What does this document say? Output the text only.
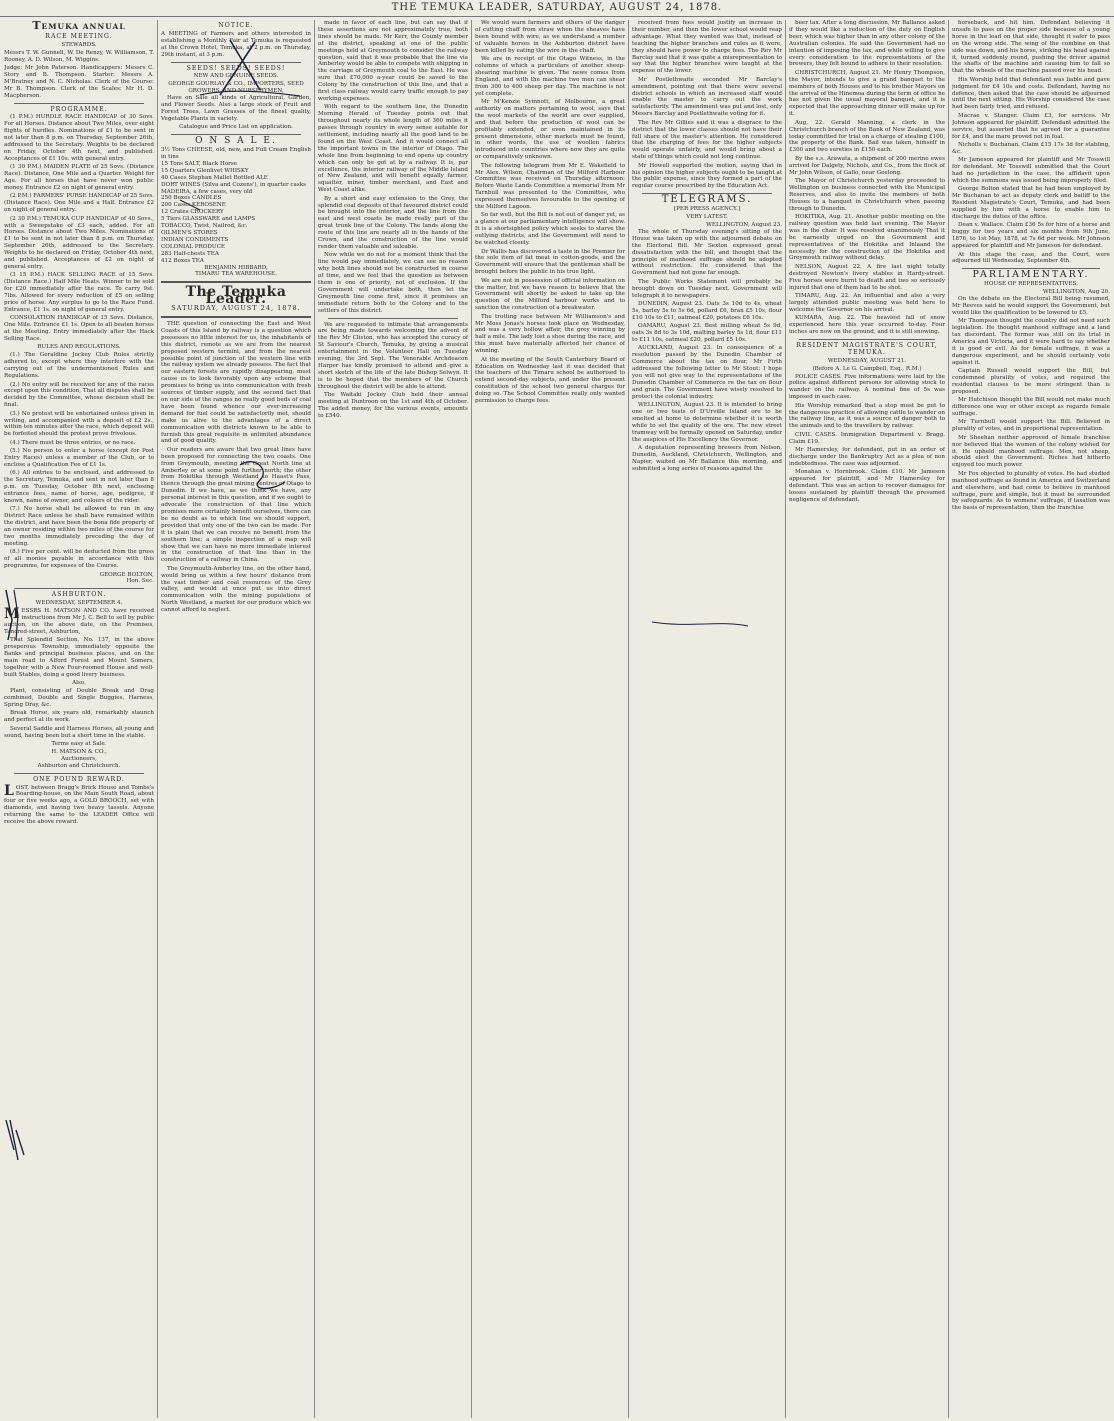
THE TEMUKA LEADER, SATURDAY, AUGUST 24, 1878.
TEMUKA ANNUAL
RACE MEETING.
STEWARDS.

Messrs T. W. Gunnell, W. De Renzy, W. Williamson, T. Rooney, A. D. Wilson, M. Wiggins.

Judge: Mr John Paterson. Handicappers: Messrs C. Story and B. Thompson. Starter: Messrs A. M'Bratney and N. C. Nicholas. Clerk of the Course: Mr B. Thompson. Clerk of the Scales: Mr H. D. Macpherson.

PROGRAMME.

(1 P.M.) HURDLE RACE HANDICAP of 30 Sovs. For all Horses. Distance about Two Miles, over eight flights of hurdles. Nominations of £1 to be sent in not later than 8 p.m. on Thursday, September 26th, addressed to the Secretary. Weights to be declared on Friday, October 4th next, and published. Acceptances of £1 10s. with general entry.

(1 30 P.M.) MAIDEN PLATE of 25 Sovs. (Distance Race). Distance, One Mile and a Quarter. Weight for Age. For all horses that have never won public money. Entrance £2 on night of general entry.

(2 P.M.) FARMERS' PURSE HANDICAP of 25 Sovs. (Distance Race). One Mile and a Half. Entrance £2 on night of general entry.

(2 30 P.M.) TEMUKA CUP HANDICAP of 40 Sovs., with a Sweepstake of £3 each, added. For all Horses. Distance about Two Miles. Nominations of £1 to be sent in not later than 8 p.m. on Thursday, September 26th, addressed to the Secretary. Weights to be declared on Friday, October 4th next, and published. Acceptances of £2 on night of general entry.

(3 15 P.M.) HACK SELLING RACE of 15 Sovs. (Distance Race.) Half Mile Heats. Winner to be sold for £20 immediately after the race. To carry 9st. 7lbs. Allowed for every reduction of £5 on selling price of horse. Any surplus to go to the Race Fund. Entrance, £1 1s. on night of general entry.

CONSOLATION HANDICAP of 15 Sovs. Distance, One Mile. Entrance £1 1s. Open to all beaten horses at the Meeting. Entry immediately after the Hack Selling Race.

RULES AND REGULATIONS.

(1.) The Geraldine Jockey Club Rules strictly adhered to, except where they interfere with the carrying out of the undermentioned Rules and Regulations.

(2.) No entry will be received for any of the races except upon this condition, That all disputes shall be decided by the Committee, whose decision shall be final.

(3.) No protest will be entertained unless given in writing, and accompanied with a deposit of £2 2s., within ten minutes after the race, which deposit will be forfeited should the protest prove frivolous.

(4.) There must be three entries, or no race.

(5.) No person to enter a horse (except for Post Entry Races) unless a member of the Club, or to enclose a Qualification Fee of £1 1s.

(6.) All entries to be enclosed, and addressed to the Secretary, Temuka, and sent in not later than 8 p.m. on Tuesday, October 8th next, enclosing entrance fees, name of horse, age, pedigree, if known, name of owner, and colours of the rider.

(7.) No horse shall be allowed to run in any District Race unless he shall have remained within the district, and have been the bona fide property of an owner residing within two miles of the course for two months immediately preceding the day of meeting.

(8.) Five per cent. will be deducted from the gross of all monies payable in accordance with this programme, for expenses of the Course.

GEORGE BOLTON,
Hon. Sec.
ASHBURTON.
WEDNESDAY, SEPTEMBER 4.

MESSRS H. MATSON AND CO. have received instructions from Mr J. C. Bell to sell by public auction, on the above date, on the Premises, Tancred-street, Ashburton,

That Splendid Section, No. 137, in the above prosperous Township, immediately opposite the Banks and principal business places, and on the main road to Alford Forest and Mount Somers, together with a New Four-roomed House and well-built Stables, doing a good livery business.

Also,

Plant, consisting of Double Break and Drag combined, Double and Single Buggies, Harness, Spring Dray, &c.

Break Horse, six years old, remarkably staunch and perfect at its work.

Several Saddle and Harness Horses, all young and sound, having been but a short time in the stable.

Terms easy at Sale.
H. MATSON & CO.,
Auctioneers,
Ashburton and Christchurch.
ONE POUND REWARD.

LOST, between Bragg's Brick House and Tombs's Boarding-house, on the Main South Road, about four or five weeks ago, a GOLD BROOCH, set with diamonds, and having two heavy tassels. Anyone returning the same to the LEADER Office will receive the above reward.

NOTICE.

A MEETING of Farmers and others interested in establishing a Monthly Fair at Temuka is requested at the Crown Hotel, Temuka, at 2 p.m. on Thursday, 29th instant, at 3 p.m.

SEEDS! SEEDS! SEEDS!
NEW AND GENUINE SEEDS.
GEORGE GOURLAY & CO., IMPORTERS, SEED GROWERS, AND NURSERYMEN,

Have on Sale all kinds of Agricultural, Garden, and Flower Seeds. Also a large stock of Fruit and Forest Trees, Lawn Grasses of the finest quality, Vegetable Plants in variety.

Catalogue and Price List on application.
O N S A L E.
3½ Tons CHEESE, old, new, and Full Cream English in tins
15 Tons SALT, Black Horse
15 Quarters Glenlivet WHISKY
40 Cases Stephan Mallet Bottled ALE
DORT WINES (Silva and Cozens'), in quarter casks
MADEIRA, a few cases, very old
250 Boxes CANDLES
200 Cases KEROSENE
12 Crates CROCKERY
5 Tiers GLASSWARE and LAMPS
TOBACCO, Twist, Nailrod, &c.
OILMEN'S STORES
INDIAN CONDIMENTS
COLONIAL PRODUCE
283 Half-chests TEA
412 Boxes TEA
BENJAMIN HIBBARD,
TIMARU TEA WAREHOUSE.
The Temuka Leader.
SATURDAY, AUGUST 24, 1878.

THE question of connecting the East and West Coasts of this Island by railway is a question which possesses no little interest for us, the inhabitants of this district, remote as we are from the nearest proposed western termini, and from the nearest possible point of junction of the western line with the railway system we already possess. The fact that our eastern forests are rapidly disappearing, must cause us to look favorably upon any scheme that promises to bring us into communication with fresh sources of timber supply, and the second fact that on our side of the ranges no really good beds of coal have been found whence our ever-increasing demand for fuel could be satisfactorily met, should make us alive to the advantages of a direct communication with districts known to be able to furnish this great requisite in unlimited abundance and of good quality.

Our readers are aware that two great lines have been proposed for connecting the two coasts. One from Greymouth, meeting the Great North line at Amberley or at some point further north; the other from Hokitika through Westland to Haast's Pass, thence through the great mining centres of Otago to Dunedin. If we have, as we think we have, any personal interest in this question, and if we ought to advocate the construction of that line which promises more certainly benefit ourselves, there can be no doubt as to which line we should support, provided that only one of the two can be made. For it is plain that we can receive no benefit from the southern line; a simple inspection of a map will show that we can have no more immediate interest in the construction of that line than in the construction of a railway in China.

The Greymouth-Amberley line, on the other hand, would bring us within a few hours' distance from the vast timber and coal resources of the Grey valley, and would at once put us into direct communication with the mining populations of North Westland, a market for our produce which we cannot afford to neglect.

made in favor of each line, but can say that if these assertions are not approximately true, both lines should be made. Mr Kerr, the County member of the district, speaking at one of the public meetings held at Greymouth to consider the railway question, said that it was probable that the line via Amberley would be able to compete with shipping in the carriage of Greymouth coal to the East. He was sure that £70,000 a-year could be saved to the Colony by the construction of this line, and that a first class railway would carry traffic enough to pay working expenses.

With regard to the southern line, the Dunedin Morning Herald of Tuesday points out that throughout nearly its whole length of 360 miles it passes through country in every sense suitable for settlement, including nearly all the good land to be found on the West Coast. And it would connect all the important towns in the interior of Otago. The whole line from beginning to end opens up country which can only be got at by a railway. It is, par excellence, the interior railway of the Middle Island of New Zealand, and will benefit equally farmer, squatter, miner, timber merchant, and East and West Coast alike.

By a short and easy extension to the Grey, the splendid coal deposits of that favoured district could be brought into the interior, and the line from the east and west coasts be made really part of the great trunk line of the Colony. The lands along the route of this line are nearly all in the hands of the Crown, and the construction of the line would render them valuable and saleable.

Now while we do not for a moment think that the line would pay immediately, we can see no reason why both lines should not be constructed in course of time, and we feel that the question as between them is one of priority, not of exclusion. If the Government will undertake both, then let the Greymouth line come first, since it promises an immediate return both to the Colony and to the settlers of this district.

We are requested to intimate that arrangements are being made towards welcoming the advent of the Rev Mr Cliston, who has accepted the curacy of St Saviour's Church, Temuka, by giving a musical entertainment in the Volunteer Hall on Tuesday evening, the 3rd Sept. The Venerable Archdeacon Harper has kindly promised to attend and give a short sketch of the life of the late Bishop Selwyn. It is to be hoped that the members of the Church throughout the district will be able to attend.

The Waitaki Jockey Club held their annual meeting at Duntroon on the 1st and 4th of October. The added money, for the various events, amounts to £540.

We would warn farmers and others of the danger of cutting chaff from straw when the sheaves have been bound with wire, as we understand a number of valuable horses in the Ashburton district have been killed by eating the wire in the chaff.

We are in receipt of the Otago Witness, in the columns of which a particulars of another sheep-shearing machine is given. The news comes from England, and with the machine two men can shear from 300 to 400 sheep per day. The machine is not yet complete.

Mr M'Kenzie Symnott, of Melbourne, a great authority on matters pertaining to wool, says that the wool markets of the world are over supplied, and that before the production of wool can be profitably extended, or even maintained in its present dimensions, other markets must be found, in other words, the use of woollen fabrics introduced into countries where now they are quite or comparatively unknown.

The following telegram from Mr E. Wakefield to Mr Alex. Wilson, Chairman of the Milford Harbour Committee was received on Thursday afternoon: Before Waste Lands Committee a memorial from Mr Tarnbull was presented to the Committee, who expressed themselves favourable to the opening of the Milford Lagoon.

So far well, but the Bill is not out of danger yet, as a glance at our parliamentary intelligence will show. It is a shortsighted policy which seeks to starve the outlying districts, and the Government will need to be watched closely.

Dr Wallis has discovered a taste in the Premier for the sole item of fat meat in cotton-goods, and the Government will ensure that the gentleman shall be brought before the public in his true light.

We are not in possession of official information on the matter, but we have reason to believe that the Government will shortly be asked to take up the question of the Milford harbour works and to sanction the construction of a breakwater.

The trotting race between Mr Williamson's and Mr Moss Jonas's horses took place on Wednesday, and was a very hollow affair, the grey winning by half a mile. The lady lost a shoe during the race, and this must have materially affected her chance of winning.

At the meeting of the South Canterbury Board of Education on Wednesday last it was decided that the teachers of the Timaru school be authorised to extend second-day subjects, and under the present constitution of the school two general charges for doing so. The School Committee really only wanted permission to charge fees.

received from fees would justify an increase in their number, and then the lower school would reap advantage. What they wanted was that, instead of teaching the higher branches and rules as it were, they should have power to charge fees. The Rev Mr Barclay said that it was quite a misrepresentation to say that the higher branches were taught at the expense of the lower.

Mr Postlethwaite seconded Mr Barclay's amendment, pointing out that there were several district schools in which an increased staff would enable the master to carry out the work satisfactorily. The amendment was put and lost, only Messrs Barclay and Postlethwaite voting for it.

The Rev Mr Gillies said it was a disgrace to the district that the lower classes should not have their full share of the master's attention. He considered that the charging of fees for the higher subjects would operate unfairly, and would bring about a state of things which could not long continue.

Mr Howell supported the motion, saying that in his opinion the higher subjects ought to be taught at the public expense, since they formed a part of the regular course prescribed by the Education Act.

TELEGRAMS.
[PER PRESS AGENCY.]
VERY LATEST.
WELLINGTON, August 23.

The whole of Thursday evening's sitting of the House was taken up with the adjourned debate on the Electoral Bill. Mr Sexton expressed great dissatisfaction with the bill, and thought that the principle of manhood suffrage should be adopted without restriction. He considered that the Government had not gone far enough.

The Public Works Statement will probably be brought down on Tuesday next. Government will telegraph it to newspapers.

DUNEDIN, August 23. Oats 3s 10d to 4s, wheat 5s, barley 5s to 5s 6d, pollard £6, bran £5 10s, flour £10 10s to £11, oatmeal £20, potatoes £6 10s.

OAMARU, August 23. Best milling wheat 5s 9d, oats 3s 8d to 3s 10d, malting barley 5s 1d, flour £11 to £11 10s, oatmeal £20, pollard £5 10s.

AUCKLAND, August 23. In consequence of a resolution passed by the Dunedin Chamber of Commerce about the tax on flour, Mr Firth addressed the following letter to Mr Stout: I hope you will not give way to the representations of the Dunedin Chamber of Commerce re the tax on flour and grain. The Government have wisely resolved to protect the colonial industry.

WELLINGTON, August 23. It is intended to bring one or two tests of D'Urville Island ore to be smelted at home to determine whether it is worth while to set the quality of the ore. The new street tramway will be formally opened on Saturday, under the auspices of His Excellency the Governor.

A deputation representing brewers from Nelson, Dunedin, Auckland, Christchurch, Wellington, and Napier, waited on Mr Ballance this morning, and submitted a long series of reasons against the

beer tax. After a long discussion, Mr Ballance asked if they would like a reduction of the duty on English beer, which was higher than in any other colony of the Australian colonies. He said the Government had no intention of imposing the tax, and while willing to give every consideration to the representations of the brewers, they felt bound to adhere to their resolution.

CHRISTCHURCH, August 21. Mr Henry Thompson, the Mayor, intends to give a grand banquet to the members of both Houses and to his brother Mayors on the arrival of the Hinemoa during the term of office he has not given the usual mayoral banquet, and it is expected that the approaching dinner will make up for it.

Aug. 22. Gerald Manning, a clerk in the Christchurch branch of the Bank of New Zealand, was today committed for trial on a charge of stealing £100, the property of the Bank. Bail was taken, himself in £300 and two sureties in £150 each.

By the s.s. Arawata, a shipment of 200 merino ewes arrived for Dalgety, Nichols, and Co., from the flock of Mr John Wilson, of Gallo, near Geelong.

The Mayor of Christchurch yesterday proceeded to Wellington on business connected with the Municipal Reserves, and also to invite the members of both Houses to a banquet in Christchurch when passing through to Dunedin.

HOKITIKA, Aug. 21. Another public meeting on the railway question was held last evening. The Mayor was in the chair. It was resolved unanimously That it be earnestly urged on the Government and representatives of the Hokitika and Inlaand the necessity for the construction of the Hokitika and Greymouth railway without delay.

NELSON, August 22. A fire last night totally destroyed Newton's livery stables in Hardy-street. Five horses were burnt to death and two so seriously injured that one of them had to be shot.

TIMARU, Aug. 22. An influential and also a very largely attended public meeting was held here to welcome the Governor on his arrival.

KUMARA, Aug. 22. The heaviest fall of snow experienced here this year occurred to-day. Four inches are now on the ground, and it is still snowing.

RESIDENT MAGISTRATE'S COURT, TEMUKA.
WEDNESDAY, AUGUST 21.
(Before A. Le G. Campbell, Esq., R.M.)

POLICE CASES. Five informations were laid by the police against different persons for allowing stock to wander on the railway. A nominal fine of 5s was imposed in each case.

His Worship remarked that a stop must be put to the dangerous practice of allowing cattle to wander on the railway line, as it was a source of danger both to the animals and to the travellers by railway.

CIVIL CASES. Immigration Department v. Bragg. Claim £19.

Mr Hamersley, for defendant, put in an order of discharge under the Bankruptcy Act as a plea of non indebtedness. The case was adjourned.

Monahan v. Hornbrook. Claim £10. Mr Jameson appeared for plaintiff, and Mr Hamersley for defendant. This was an action to recover damages for losses sustained by plaintiff through the presumed negligence of defendant.

horseback, and hit him. Defendant believing it unsafe to pass on the proper side because of a young horse in the lead on that side, thought it safer to pass on the wrong side. The wing of the combine on that side was down, and his horse, striking his head against it, turned suddenly round, pushing the driver against the shafts of the machine and causing him to fall so that the wheels of the machine passed over his head.

His Worship held that defendant was liable and gave judgment for £4 10s and costs. Defendant, having no defence, then asked that the case should be adjourned until the next sitting. His Worship considered the case had been fairly tried, and refused.

Macrae v. Stanger. Claim £3, for services. Mr Johnson appeared for plaintiff. Defendant admitted the service, but asserted that he agreed for a guarantee for £4, and the mare proved not in foal.

Nicholls v. Buchanan. Claim £15 17s 3d for stabling, &c.

Mr Jameson appeared for plaintiff and Mr Tosswill for defendant. Mr Tosswill submitted that the Court had no jurisdiction in the case, the affidavit upon which the summons was issued being improperly filed.

George Bolton stated that he had been employed by Mr Buchanan to act as deputy clerk and bailiff to the Resident Magistrate's Court, Temuka, and had been supplied by him with a horse to enable him to discharge the duties of the office.

Dean v. Wallace. Claim £36 5s for hire of a horse and buggy for two years and six months from 9th June, 1876, to 1st May, 1878, at 7s 6d per week. Mr Johnson appeared for plaintiff and Mr Jameson for defendant.

At this stage the case, and the Court, were adjourned till Wednesday, September 4th.

PARLIAMENTARY.
HOUSE OF REPRESENTATIVES.
WELLINGTON, Aug 20.

On the debate on the Electoral Bill being resumed, Mr Reeves said he would support the Government, but would like the qualification to be lowered to £5.

Mr Thompson thought the country did not need such legislation. He thought manhood suffrage and a land tax discordant. The former was still on its trial in America and Victoria, and it were hard to say whether it is good or evil. As for female suffrage, it was a dangerous experiment, and he should certainly vote against it.

Captain Russell would support the Bill, but condemned plurality of votes, and required the residential clauses to be more stringent than is proposed.

Mr Hutchison thought the Bill would not make much difference one way or other except as regards female suffrage.

Mr Turnbull would support the Bill. Believed in plurality of votes, and in proportional representation.

Mr Sheehan neither approved of female franchise nor believed that the women of the colony wished for it. He upheld manhood suffrage. Men, not sheep, should elect the Government. Riches had hitherto enjoyed too much power.

Mr Fox objected to plurality of votes. He had studied manhood suffrage as found in America and Switzerland and elsewhere, and had come to believe in manhood suffrage, pure and simple, but it must be surrounded by safeguards. As to womens' suffrage, if taxation was the basis of representation, then the franchise
